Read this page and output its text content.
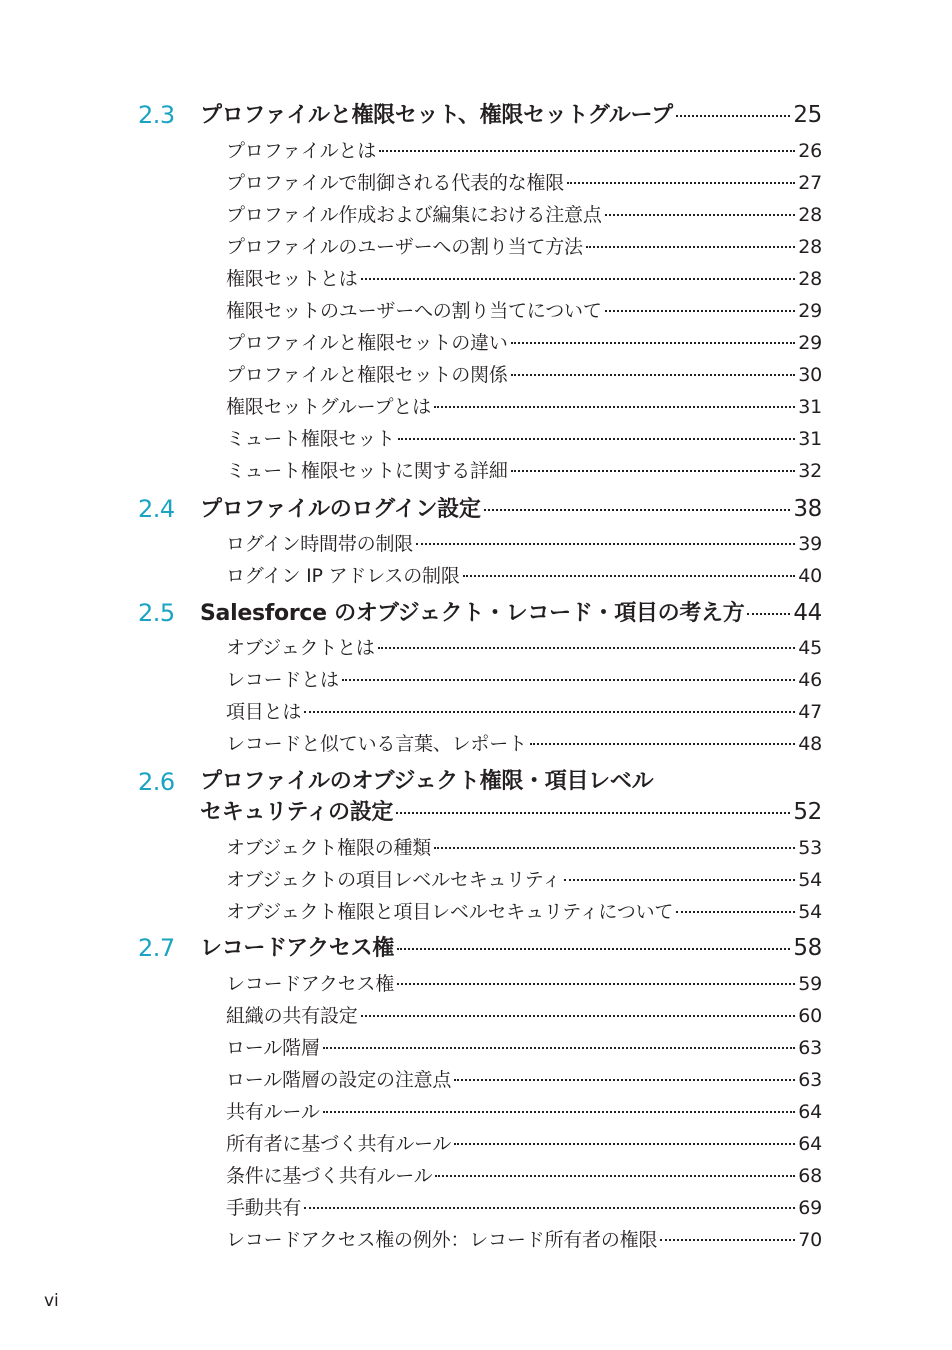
2.3 プロファイルと権限セット、権限セットグループ	25
プロファイルとは	26
プロファイルで制御される代表的な権限	27
プロファイル作成および編集における注意点	28
プロファイルのユーザーへの割り当て方法	28
権限セットとは	28
権限セットのユーザーへの割り当てについて	29
プロファイルと権限セットの違い	29
プロファイルと権限セットの関係	30
権限セットグループとは	31
ミュート権限セット	31
ミュート権限セットに関する詳細	32
2.4 プロファイルのログイン設定	38
ログイン時間帯の制限	39
ログイン IP アドレスの制限	40
2.5 Salesforce のオブジェクト・レコード・項目の考え方 44
オブジェクトとは	45
レコードとは	46
項目とは	47
レコードと似ている言葉、レポート	48
2.6 プロファイルのオブジェクト権限・項目レベル
セキュリティの設定	52
オブジェクト権限の種類	53
オブジェクトの項目レベルセキュリティ	54
オブジェクト権限と項目レベルセキュリティについて	54
2.7 レコードアクセス権	58
レコードアクセス権	59
組織の共有設定	60
ロール階層	63
ロール階層の設定の注意点	63
共有ルール	64
所有者に基づく共有ルール	64
条件に基づく共有ルール	68
手動共有	69
レコードアクセス権の例外：レコード所有者の権限	70
vi
